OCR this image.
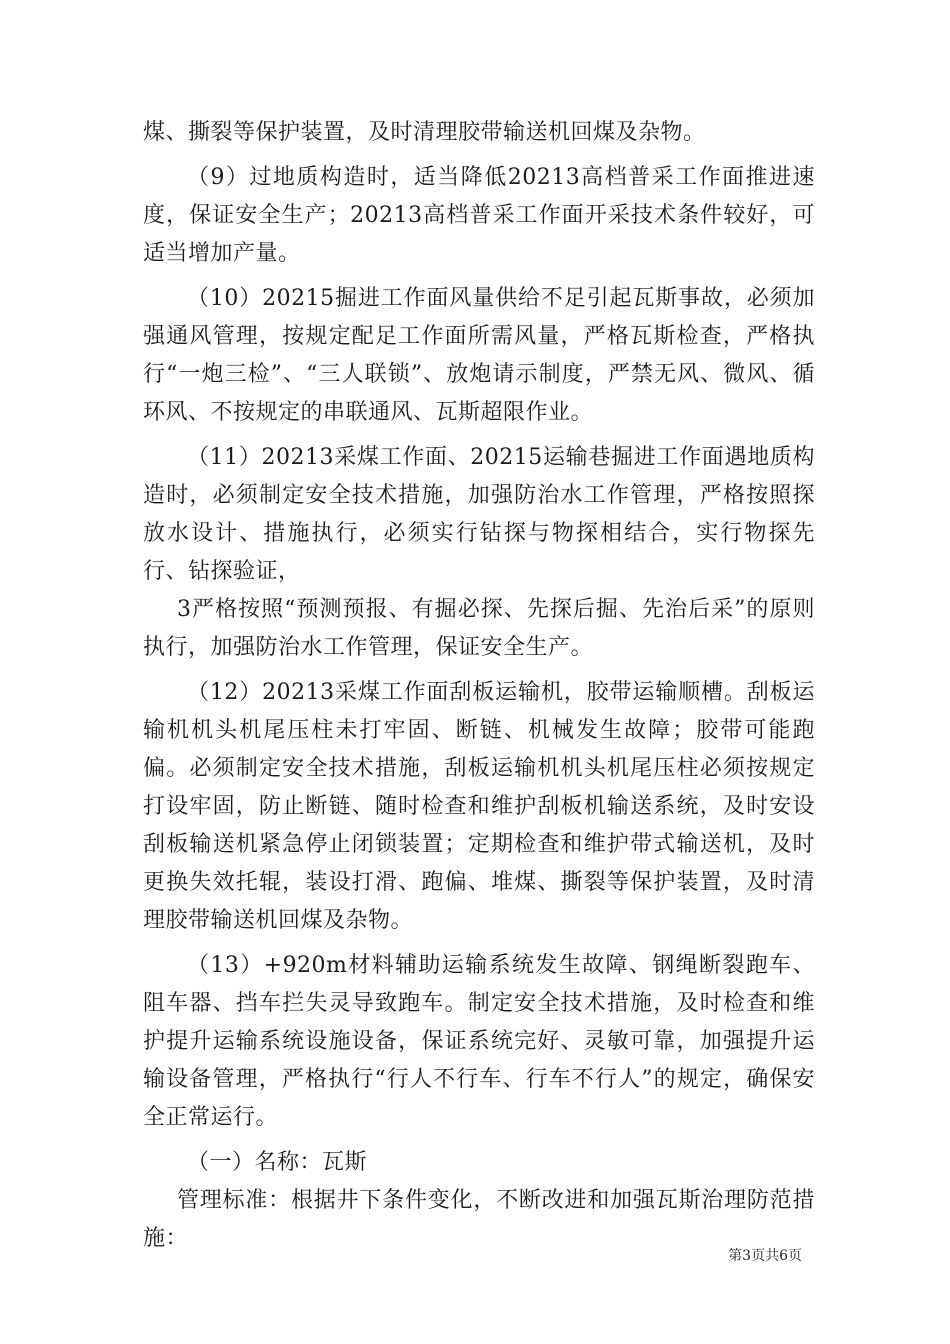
煤、撕裂等保护装置，及时清理胶带输送机回煤及杂物。

（9）过地质构造时，适当降低20213高档普采工作面推进速度，保证安全生产；20213高档普采工作面开采技术条件较好，可适当增加产量。

（10）20215掘进工作面风量供给不足引起瓦斯事故，必须加强通风管理，按规定配足工作面所需风量，严格瓦斯检查，严格执行“一炮三检”、“三人联锁”、放炮请示制度，严禁无风、微风、循环风、不按规定的串联通风、瓦斯超限作业。

（11）20213采煤工作面、20215运输巷掘进工作面遇地质构造时，必须制定安全技术措施，加强防治水工作管理，严格按照探放水设计、措施执行，必须实行钻探与物探相结合，实行物探先行、钻探验证，

3严格按照“预测预报、有掘必探、先探后掘、先治后采”的原则执行，加强防治水工作管理，保证安全生产。

（12）20213采煤工作面刮板运输机，胶带运输顺槽。刮板运输机机头机尾压柱未打牢固、断链、机械发生故障；胶带可能跑偏。必须制定安全技术措施，刮板运输机机头机尾压柱必须按规定打设牢固，防止断链、随时检查和维护刮板机输送系统，及时安设刮板输送机紧急停止闭锁装置；定期检查和维护带式输送机，及时更换失效托辊，装设打滑、跑偏、堆煤、撕裂等保护装置，及时清理胶带输送机回煤及杂物。

（13）+920m材料辅助运输系统发生故障、钢绳断裂跑车、阻车器、挡车拦失灵导致跑车。制定安全技术措施，及时检查和维护提升运输系统设施设备，保证系统完好、灵敏可靠，加强提升运输设备管理，严格执行“行人不行车、行车不行人”的规定，确保安全正常运行。

（一）名称：瓦斯

管理标准：根据井下条件变化，不断改进和加强瓦斯治理防范措施：

第3页共6页
